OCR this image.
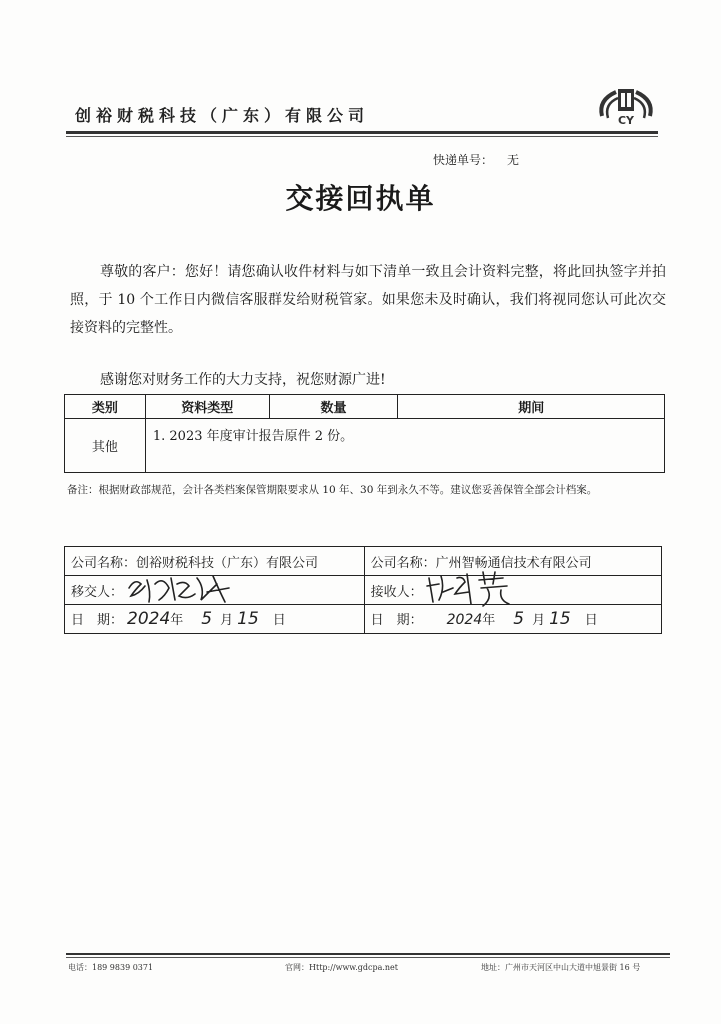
创裕财税科技（广东）有限公司	CY
快递单号： 无
交接回执单
尊敬的客户：您好！请您确认收件材料与如下清单一致且会计资料完整，将此回执签字并拍照，于 10 个工作日内微信客服群发给财税管家。如果您未及时确认，我们将视同您认可此次交接资料的完整性。
感谢您对财务工作的大力支持，祝您财源广进!
类别	资料类型	数量	期间
其他	1. 2023 年度审计报告原件 2 份。		
备注：根据财政部规范，会计各类档案保管期限要求从 10 年、30 年到永久不等。建议您妥善保管全部会计档案。
公司名称：创裕财税科技（广东）有限公司	公司名称：广州智畅通信技术有限公司
移交人：	接收人：

日　期： 2024年 5 月 15 日	日　期： 2024年 5 月 15 日
电话：189 9839 0371	官网：Http://www.gdcpa.net	地址：广州市天河区中山大道中旭景街 16 号
